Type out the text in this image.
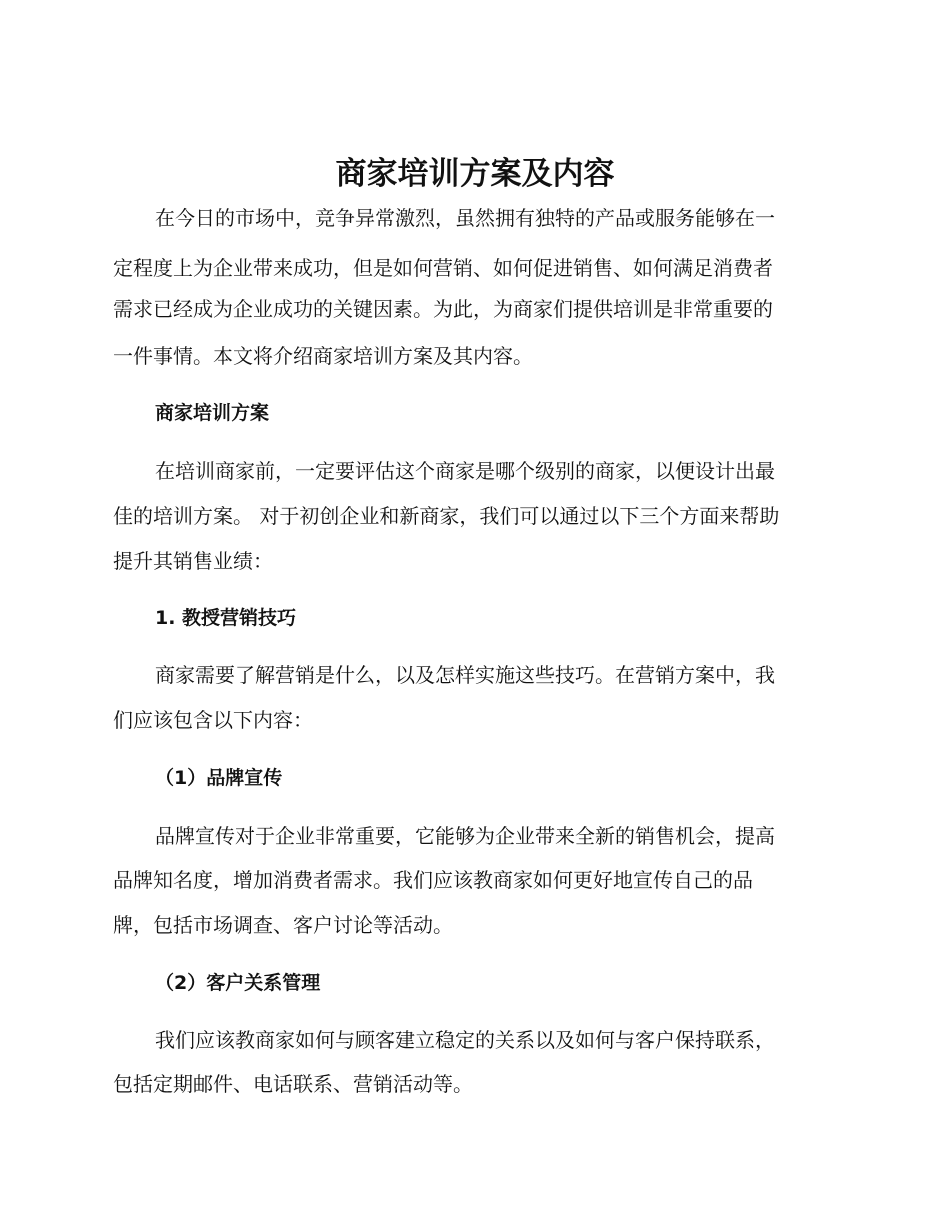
商家培训方案及内容
在今日的市场中，竞争异常激烈，虽然拥有独特的产品或服务能够在一
定程度上为企业带来成功，但是如何营销、如何促进销售、如何满足消费者
需求已经成为企业成功的关键因素。为此，为商家们提供培训是非常重要的
一件事情。本文将介绍商家培训方案及其内容。
商家培训方案
在培训商家前，一定要评估这个商家是哪个级别的商家，以便设计出最
佳的培训方案。 对于初创企业和新商家，我们可以通过以下三个方面来帮助
提升其销售业绩：
1. 教授营销技巧
商家需要了解营销是什么，以及怎样实施这些技巧。在营销方案中，我
们应该包含以下内容：
（1）品牌宣传
品牌宣传对于企业非常重要，它能够为企业带来全新的销售机会，提高
品牌知名度，增加消费者需求。我们应该教商家如何更好地宣传自己的品
牌，包括市场调查、客户讨论等活动。
（2）客户关系管理
我们应该教商家如何与顾客建立稳定的关系以及如何与客户保持联系，
包括定期邮件、电话联系、营销活动等。
